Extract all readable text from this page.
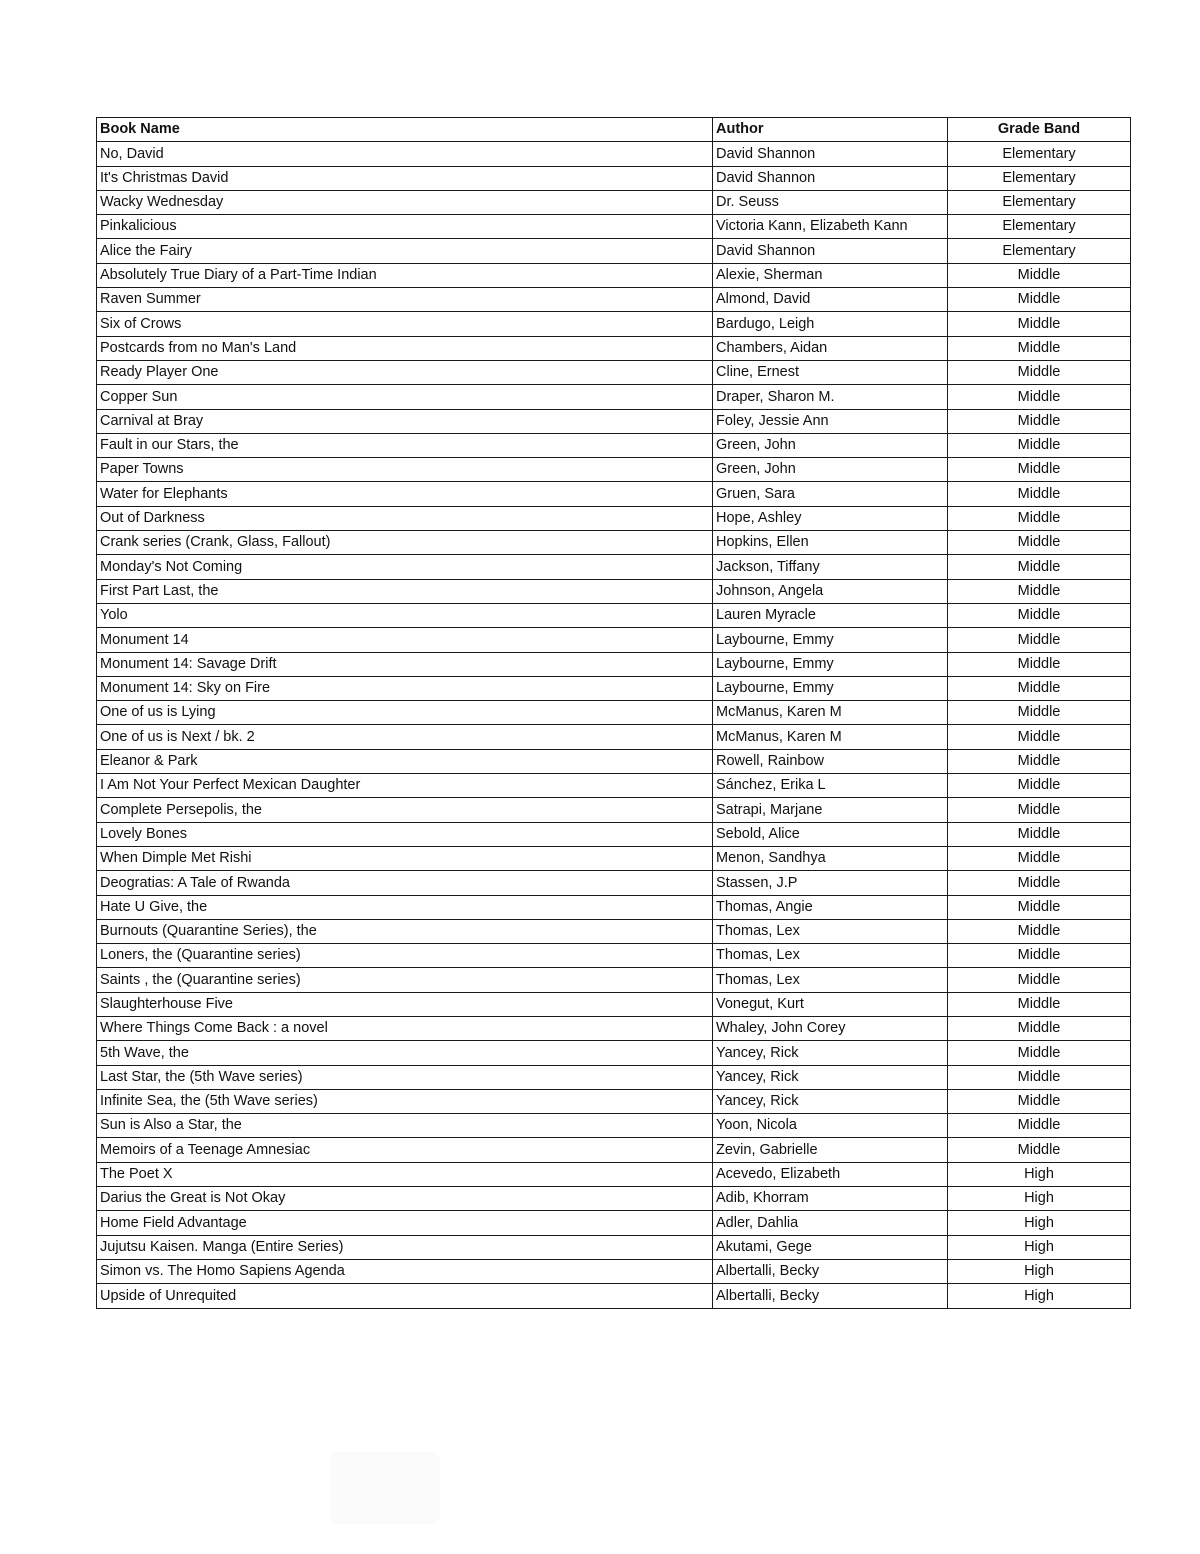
Book Name	Author	Grade Band
No, David	David Shannon	Elementary
It's Christmas David	David Shannon	Elementary
Wacky Wednesday	Dr. Seuss	Elementary
Pinkalicious	Victoria Kann, Elizabeth Kann	Elementary
Alice the Fairy	David Shannon	Elementary
Absolutely True Diary of a Part-Time Indian	Alexie, Sherman	Middle
Raven Summer	Almond, David	Middle
Six of Crows	Bardugo, Leigh	Middle
Postcards from no Man's Land	Chambers, Aidan	Middle
Ready Player One	Cline, Ernest	Middle
Copper Sun	Draper, Sharon M.	Middle
Carnival at Bray	Foley, Jessie Ann	Middle
Fault in our Stars, the	Green, John	Middle
Paper Towns	Green, John	Middle
Water for Elephants	Gruen, Sara	Middle
Out of Darkness	Hope, Ashley	Middle
Crank series (Crank, Glass, Fallout)	Hopkins, Ellen	Middle
Monday's Not Coming	Jackson, Tiffany	Middle
First Part Last, the	Johnson, Angela	Middle
Yolo	Lauren Myracle	Middle
Monument 14	Laybourne, Emmy	Middle
Monument 14: Savage Drift	Laybourne, Emmy	Middle
Monument 14: Sky on Fire	Laybourne, Emmy	Middle
One of us is Lying	McManus, Karen M	Middle
One of us is Next / bk. 2	McManus, Karen M	Middle
Eleanor & Park	Rowell, Rainbow	Middle
I Am Not Your Perfect Mexican Daughter	Sánchez, Erika L	Middle
Complete Persepolis, the	Satrapi, Marjane	Middle
Lovely Bones	Sebold, Alice	Middle
When Dimple Met Rishi	Menon, Sandhya	Middle
Deogratias: A Tale of Rwanda	Stassen, J.P	Middle
Hate U Give, the	Thomas, Angie	Middle
Burnouts (Quarantine Series), the	Thomas, Lex	Middle
Loners, the (Quarantine series)	Thomas, Lex	Middle
Saints , the (Quarantine series)	Thomas, Lex	Middle
Slaughterhouse Five	Vonegut, Kurt	Middle
Where Things Come Back : a novel	Whaley, John Corey	Middle
5th Wave, the	Yancey, Rick	Middle
Last Star, the (5th Wave series)	Yancey, Rick	Middle
Infinite Sea, the (5th Wave series)	Yancey, Rick	Middle
Sun is Also a Star, the	Yoon, Nicola	Middle
Memoirs of a Teenage Amnesiac	Zevin, Gabrielle	Middle
The Poet X	Acevedo, Elizabeth	High
Darius the Great is Not Okay	Adib, Khorram	High
Home Field Advantage	Adler, Dahlia	High
Jujutsu Kaisen. Manga (Entire Series)	Akutami, Gege	High
Simon vs. The Homo Sapiens Agenda	Albertalli, Becky	High
Upside of Unrequited	Albertalli, Becky	High
